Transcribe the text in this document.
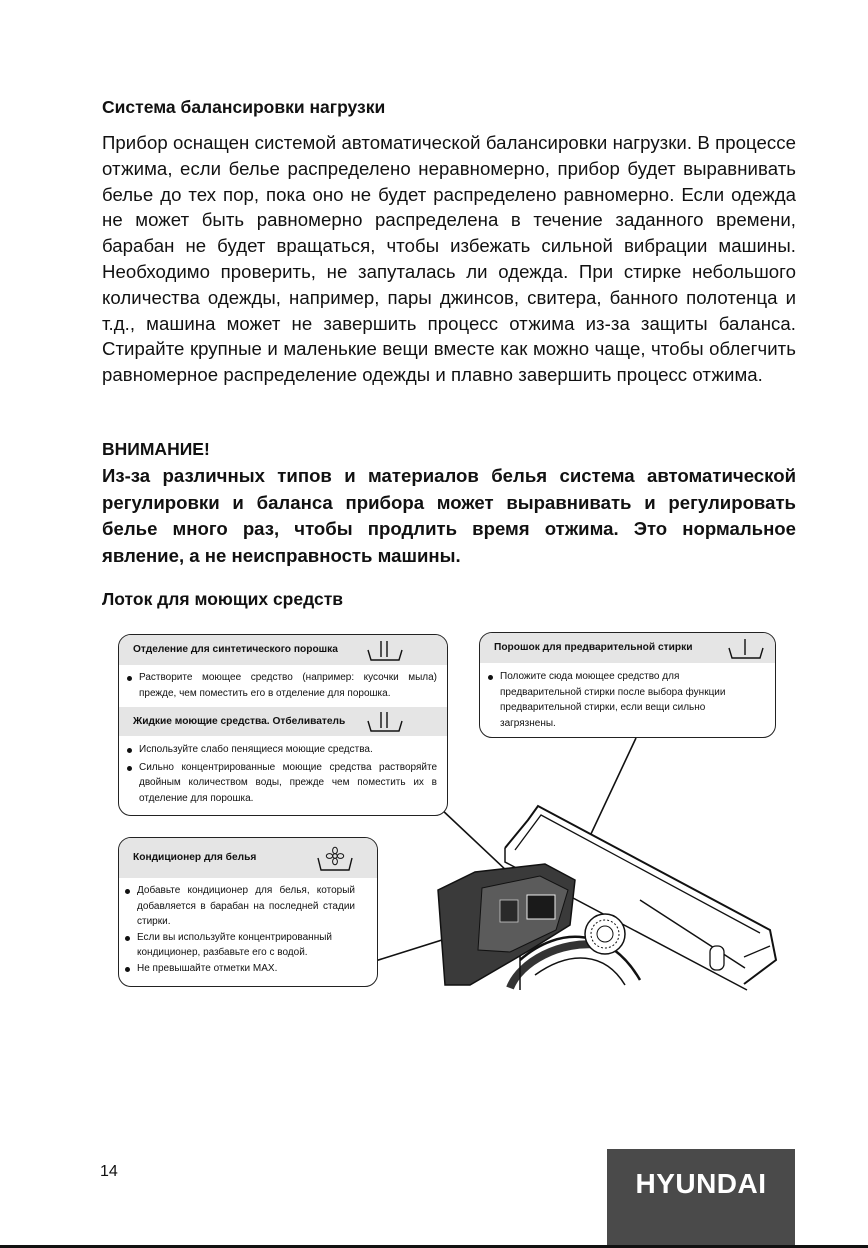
Система балансировки нагрузки

Прибор оснащен системой автоматической балансировки нагрузки. В процессе отжима, если белье распределено неравномерно, прибор будет выравнивать белье до тех пор, пока оно не будет распределено равномерно. Если одежда не может быть равномерно распределена в течение заданного времени, барабан не будет вращаться, чтобы избежать сильной вибрации машины. Необходимо проверить, не запуталась ли одежда. При стирке небольшого количества одежды, например, пары джинсов, свитера, банного полотенца и т.д., машина может не завершить процесс отжима из-за защиты баланса. Стирайте крупные и маленькие вещи вместе как можно чаще, чтобы облегчить равномерное распределение одежды и плавно завершить процесс отжима.

ВНИМАНИЕ!

Из-за различных типов и материалов белья система автоматической регулировки и баланса прибора может выравнивать и регулировать белье много раз, чтобы продлить время отжима. Это нормальное явление, а не неисправность машины.

Лоток для моющих средств
Отделение для синтетического порошка
Растворите моющее средство (например: кусочки мыла) прежде, чем поместить его в отделение для порошка.
Жидкие моющие средства. Отбеливатель
Используйте слабо пенящиеся моющие средства.
Сильно концентрированные моющие средства растворяйте двойным количеством воды, прежде чем поместить их в отделение для порошка.
Порошок для предварительной стирки
Положите сюда моющее средство для предварительной стирки после выбора функции предварительной стирки, если вещи сильно загрязнены.
Кондиционер для белья
Добавьте кондиционер для белья, который добавляется в барабан на последней стадии стирки.
Если вы используйте концентрированный кондиционер, разбавьте его с водой.
Не превышайте отметки MAX.
14	HYUNDAI
